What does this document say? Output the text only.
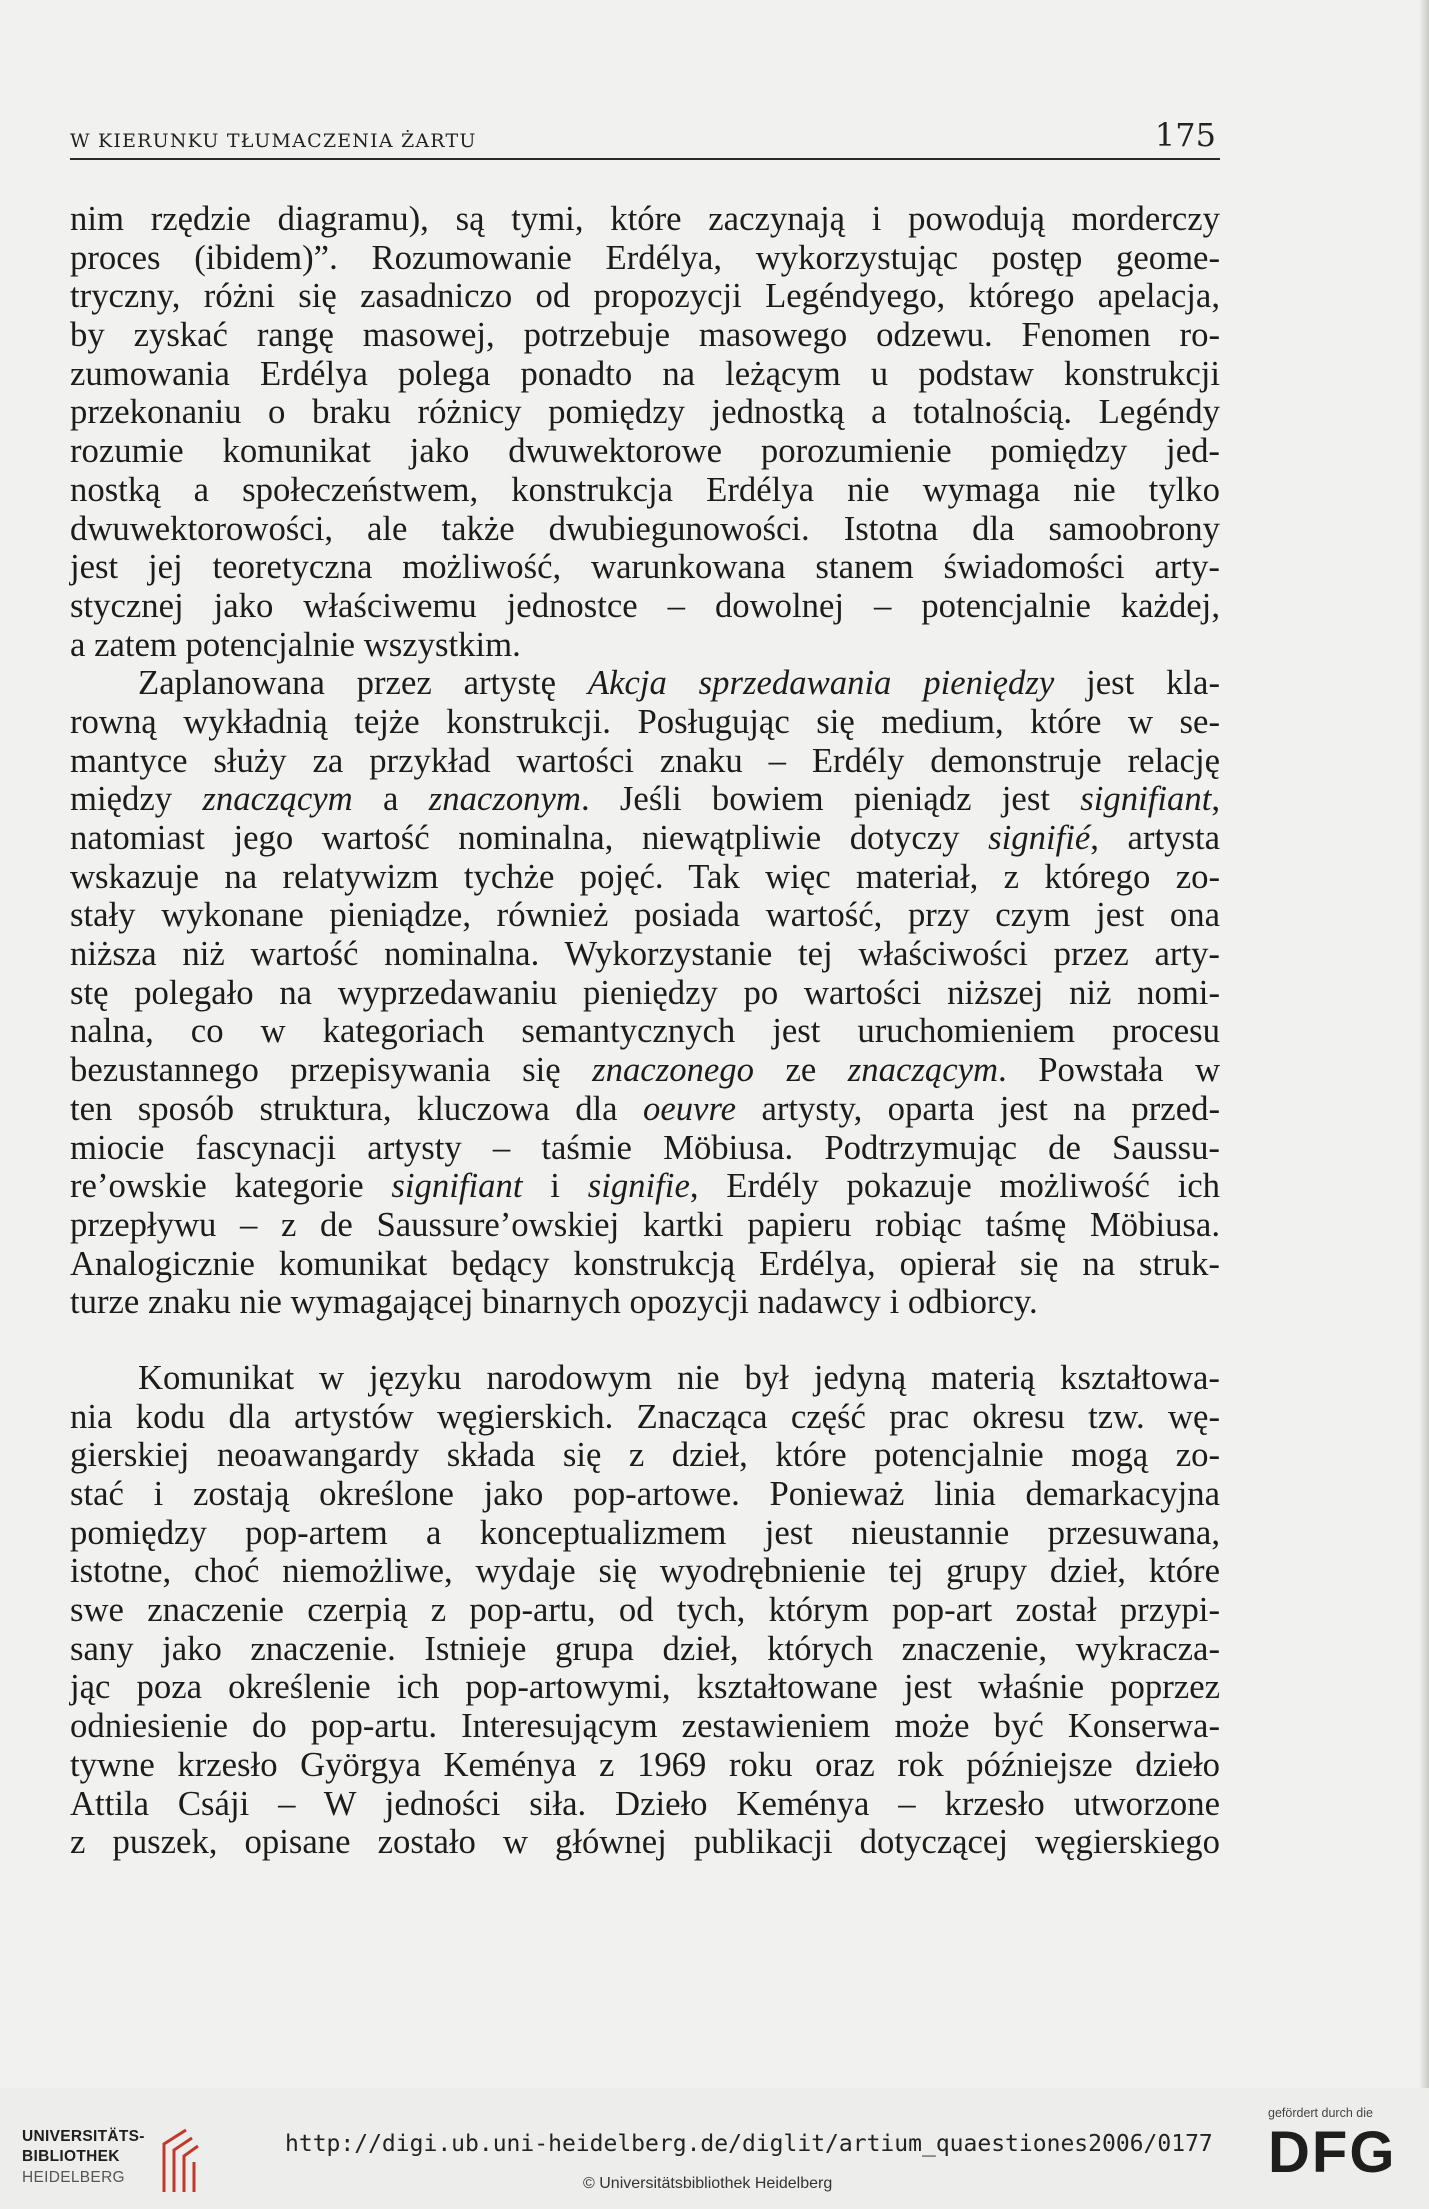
W KIERUNKU TŁUMACZENIA ŻARTU	175
nim rzędzie diagramu), są tymi, które zaczynają i powodują morderczy
proces (ibidem)”. Rozumowanie Erdélya, wykorzystując postęp geome-
tryczny, różni się zasadniczo od propozycji Legéndyego, którego apelacja,
by zyskać rangę masowej, potrzebuje masowego odzewu. Fenomen ro-
zumowania Erdélya polega ponadto na leżącym u podstaw konstrukcji
przekonaniu o braku różnicy pomiędzy jednostką a totalnością. Legéndy
rozumie komunikat jako dwuwektorowe porozumienie pomiędzy jed-
nostką a społeczeństwem, konstrukcja Erdélya nie wymaga nie tylko
dwuwektorowości, ale także dwubiegunowości. Istotna dla samoobrony
jest jej teoretyczna możliwość, warunkowana stanem świadomości arty-
stycznej jako właściwemu jednostce – dowolnej – potencjalnie każdej,
a zatem potencjalnie wszystkim.
Zaplanowana przez artystę Akcja sprzedawania pieniędzy jest kla-
rowną wykładnią tejże konstrukcji. Posługując się medium, które w se-
mantyce służy za przykład wartości znaku – Erdély demonstruje relację
między znaczącym a znaczonym. Jeśli bowiem pieniądz jest signifiant,
natomiast jego wartość nominalna, niewątpliwie dotyczy signifié, artysta
wskazuje na relatywizm tychże pojęć. Tak więc materiał, z którego zo-
stały wykonane pieniądze, również posiada wartość, przy czym jest ona
niższa niż wartość nominalna. Wykorzystanie tej właściwości przez arty-
stę polegało na wyprzedawaniu pieniędzy po wartości niższej niż nomi-
nalna, co w kategoriach semantycznych jest uruchomieniem procesu
bezustannego przepisywania się znaczonego ze znaczącym. Powstała w
ten sposób struktura, kluczowa dla oeuvre artysty, oparta jest na przed-
miocie fascynacji artysty – taśmie Möbiusa. Podtrzymując de Saussu-
re’owskie kategorie signifiant i signifie, Erdély pokazuje możliwość ich
przepływu – z de Saussure’owskiej kartki papieru robiąc taśmę Möbiusa.
Analogicznie komunikat będący konstrukcją Erdélya, opierał się na struk-
turze znaku nie wymagającej binarnych opozycji nadawcy i odbiorcy.
Komunikat w języku narodowym nie był jedyną materią kształtowa-
nia kodu dla artystów węgierskich. Znacząca część prac okresu tzw. wę-
gierskiej neoawangardy składa się z dzieł, które potencjalnie mogą zo-
stać i zostają określone jako pop-artowe. Ponieważ linia demarkacyjna
pomiędzy pop-artem a konceptualizmem jest nieustannie przesuwana,
istotne, choć niemożliwe, wydaje się wyodrębnienie tej grupy dzieł, które
swe znaczenie czerpią z pop-artu, od tych, którym pop-art został przypi-
sany jako znaczenie. Istnieje grupa dzieł, których znaczenie, wykracza-
jąc poza określenie ich pop-artowymi, kształtowane jest właśnie poprzez
odniesienie do pop-artu. Interesującym zestawieniem może być Konserwa-
tywne krzesło Györgya Keménya z 1969 roku oraz rok późniejsze dzieło
Attila Csáji – W jedności siła. Dzieło Keménya – krzesło utworzone
z puszek, opisane zostało w głównej publikacji dotyczącej węgierskiego
UNIVERSITÄTS-
BIBLIOTHEK
HEIDELBERG
http://digi.ub.uni-heidelberg.de/diglit/artium_quaestiones2006/0177
© Universitätsbibliothek Heidelberg
gefördert durch die
DFG
